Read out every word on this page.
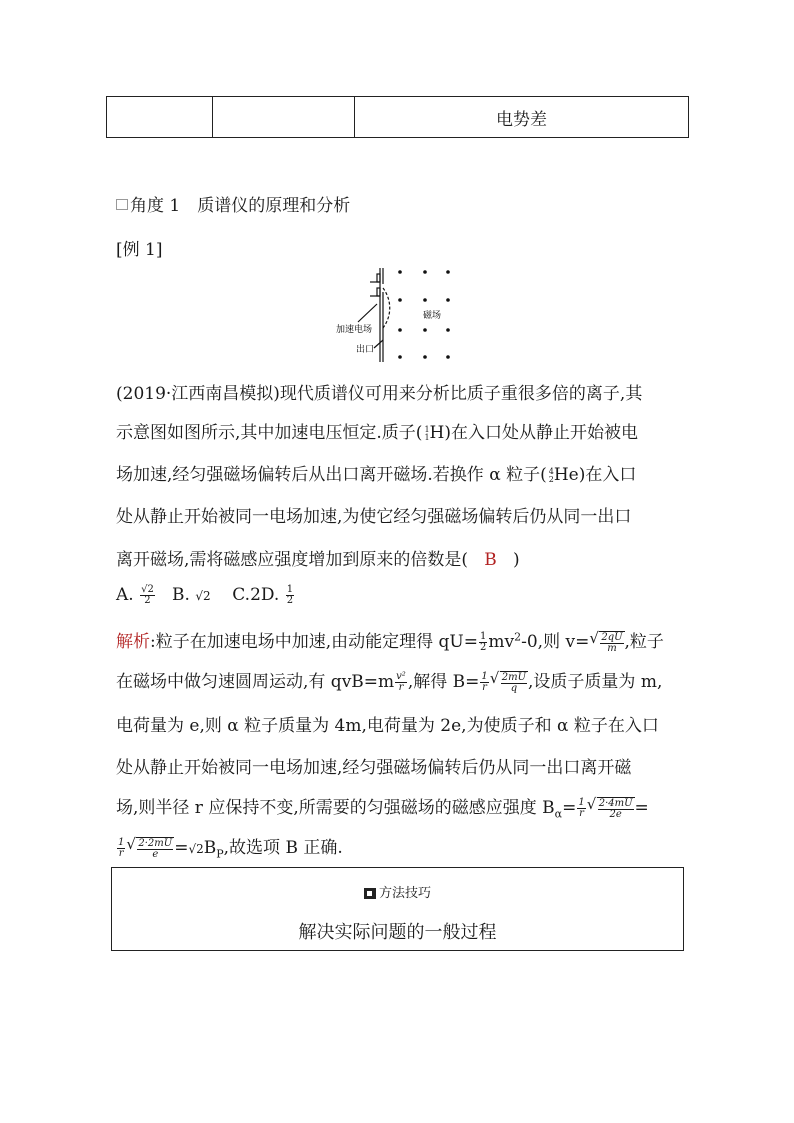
电势差
角度 1　质谱仪的原理和分析
[例 1]
加速电场
出口
磁场
(2019·江西南昌模拟)现代质谱仪可用来分析比质子重很多倍的离子,其
示意图如图所示,其中加速电压恒定.质子( 1
1H)在入口处从静止开始被电
场加速,经匀强磁场偏转后从出口离开磁场.若换作 α 粒子( 4
2He)在入口
处从静止开始被同一电场加速,为使它经匀强磁场偏转后仍从同一出口
离开磁场,需将磁感应强度增加到原来的倍数是( B )
A. $\frac{√2}{2} B$. √2 C.2D. $\frac{1}{2}$
解析:粒子在加速电场中加速,由动能定理得 $qU= \frac{1}{2} mv^2-0$,则 v= √ $\frac{2qU}{m}$ ,粒子
在磁场中做匀速圆周运动,有 $qvB=m \frac{\text{v²}}{r}$ ,解得 $B= \frac{1}{r}$ √ $\frac{2mU}{q}$ ,设质子质量为 m,
电荷量为 e,则 α 粒子质量为 4m,电荷量为 2e,为使质子和 α 粒子在入口
处从静止开始被同一电场加速,经匀强磁场偏转后仍从同一出口离开磁
场,则半径 r 应保持不变,所需要的匀强磁场的磁感应强度 $B_\alpha= \frac{1}{r}$ √ $\frac{2\cdot 4mU}{2e}$ =
$\frac{1}{r}$ √ $\frac{2\cdot 2mU}{e} =√2B_P$,故选项 B 正确.
方法技巧
解决实际问题的一般过程
